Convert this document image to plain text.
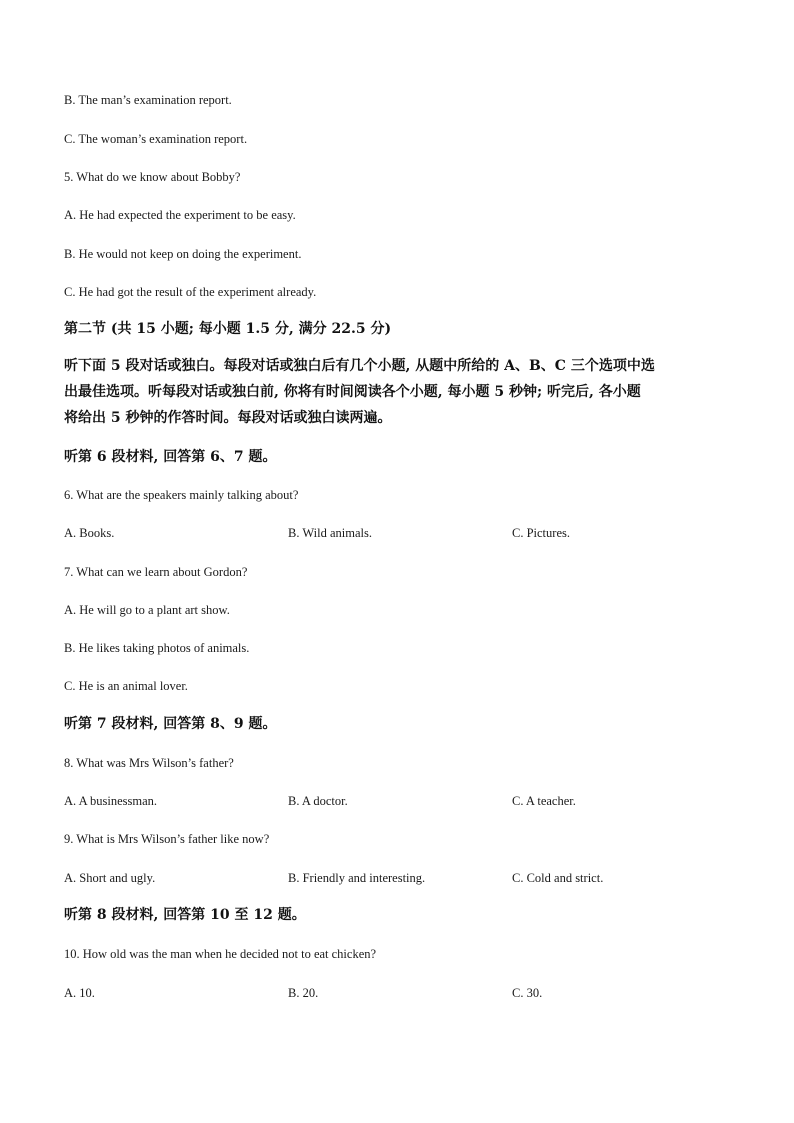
B. The man’s examination report.
C. The woman’s examination report.
5. What do we know about Bobby?
A. He had expected the experiment to be easy.
B. He would not keep on doing the experiment.
C. He had got the result of the experiment already.
第二节 (共 15 小题; 每小题 1.5 分, 满分 22.5 分)
听下面 5 段对话或独白。每段对话或独白后有几个小题, 从题中所给的 A、B、C 三个选项中选
出最佳选项。听每段对话或独白前, 你将有时间阅读各个小题, 每小题 5 秒钟; 听完后, 各小题
将给出 5 秒钟的作答时间。每段对话或独白读两遍。
听第 6 段材料, 回答第 6、7 题。
6. What are the speakers mainly talking about?
A. Books.	B. Wild animals.	C. Pictures.
7. What can we learn about Gordon?
A. He will go to a plant art show.
B. He likes taking photos of animals.
C. He is an animal lover.
听第 7 段材料, 回答第 8、9 题。
8. What was Mrs Wilson’s father?
A. A businessman.	B. A doctor.	C. A teacher.
9. What is Mrs Wilson’s father like now?
A. Short and ugly.	B. Friendly and interesting.	C. Cold and strict.
听第 8 段材料, 回答第 10 至 12 题。
10. How old was the man when he decided not to eat chicken?
A. 10.	B. 20.	C. 30.
